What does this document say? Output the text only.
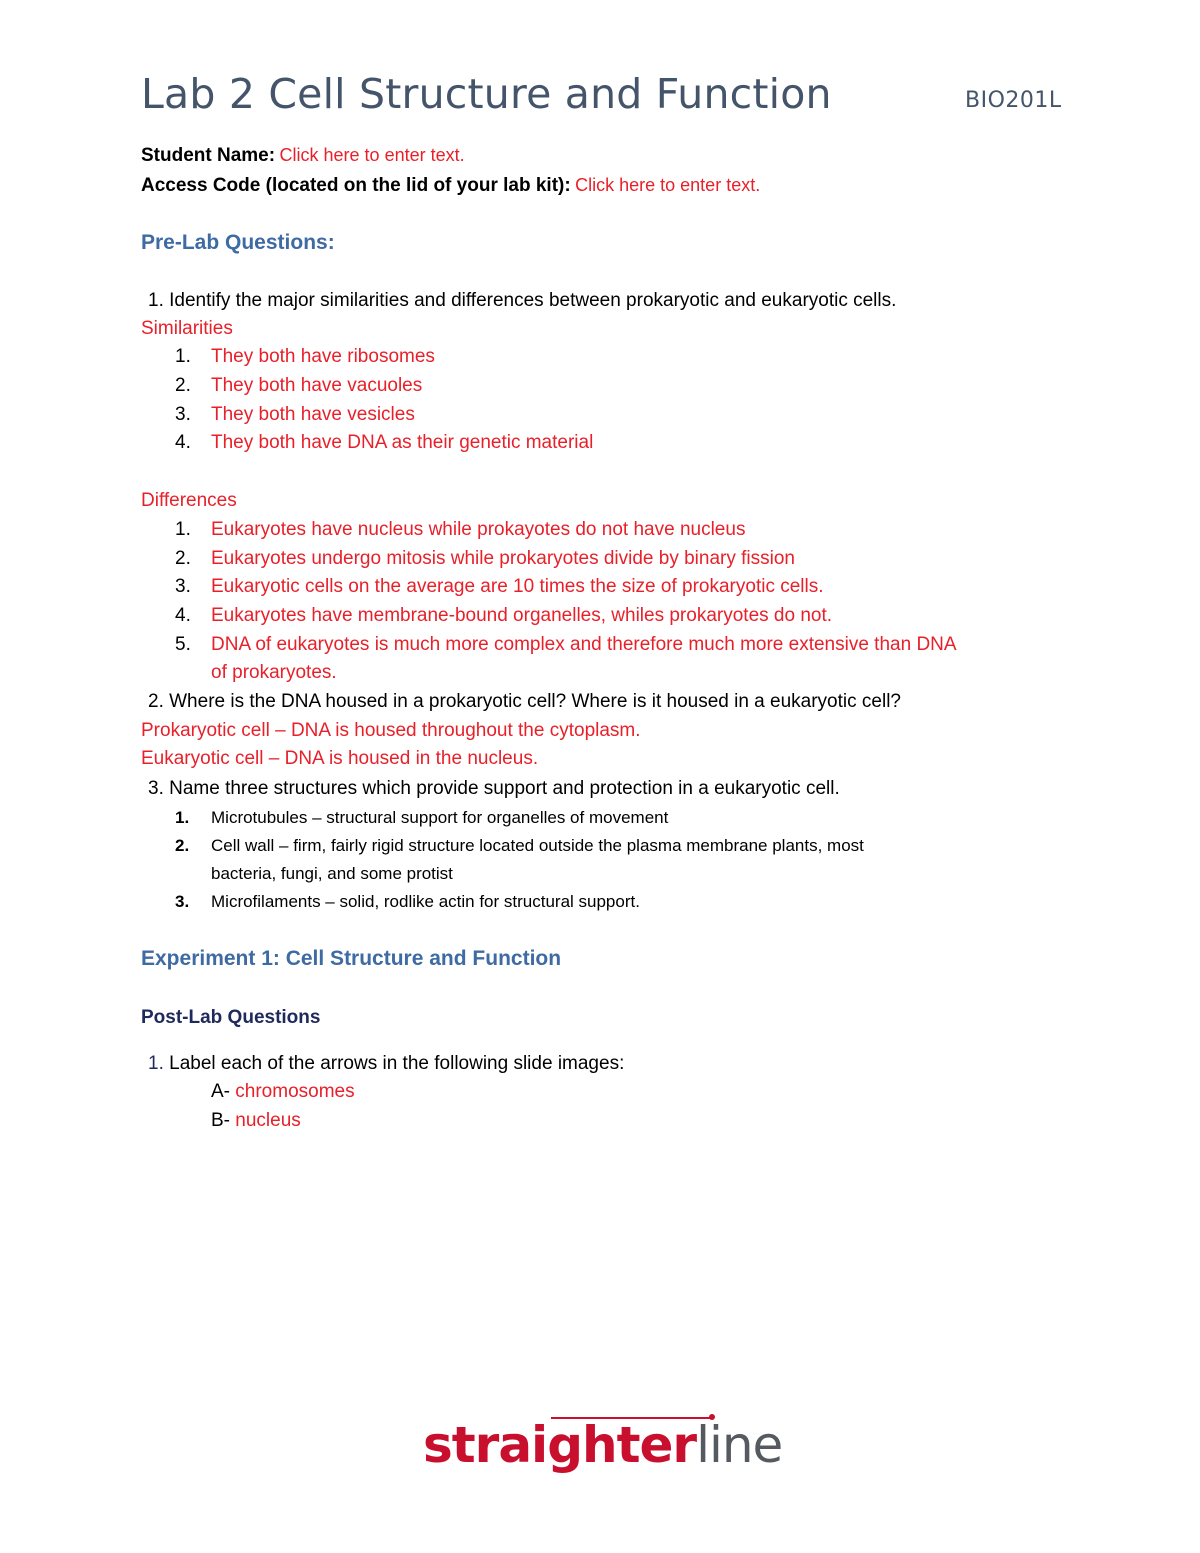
Lab 2 Cell Structure and Function	BIO201L
Student Name: Click here to enter text.
Access Code (located on the lid of your lab kit): Click here to enter text.
Pre-Lab Questions:
1. Identify the major similarities and differences between prokaryotic and eukaryotic cells.
Similarities
1. They both have ribosomes
2. They both have vacuoles
3. They both have vesicles
4. They both have DNA as their genetic material
Differences
1. Eukaryotes have nucleus while prokayotes do not have nucleus
2. Eukaryotes undergo mitosis while prokaryotes divide by binary fission
3. Eukaryotic cells on the average are 10 times the size of prokaryotic cells.
4. Eukaryotes have membrane-bound organelles, whiles prokaryotes do not.
5. DNA of eukaryotes is much more complex and therefore much more extensive than DNA
of prokaryotes.
2. Where is the DNA housed in a prokaryotic cell? Where is it housed in a eukaryotic cell?
Prokaryotic cell – DNA is housed throughout the cytoplasm.
Eukaryotic cell – DNA is housed in the nucleus.
3. Name three structures which provide support and protection in a eukaryotic cell.
1. Microtubules – structural support for organelles of movement
2. Cell wall – firm, fairly rigid structure located outside the plasma membrane plants, most
bacteria, fungi, and some protist
3. Microfilaments – solid, rodlike actin for structural support.
Experiment 1: Cell Structure and Function
Post-Lab Questions
1. Label each of the arrows in the following slide images:
A- chromosomes
B- nucleus
straighterline
